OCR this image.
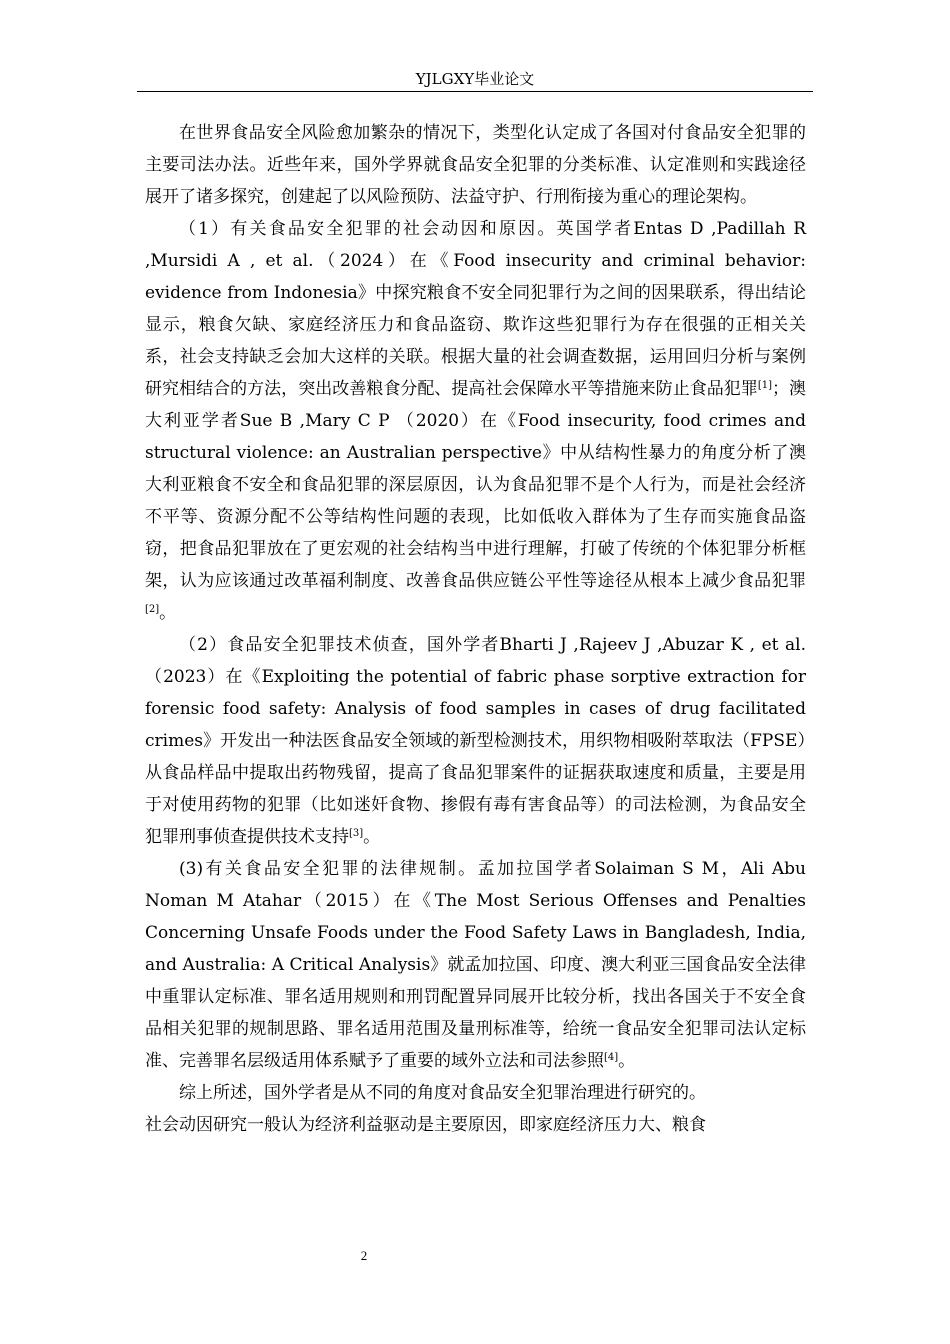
YJLGXY毕业论文

在世界食品安全风险愈加繁杂的情况下，类型化认定成了各国对付食品安全犯罪的主要司法办法。近些年来，国外学界就食品安全犯罪的分类标准、认定准则和实践途径展开了诸多探究，创建起了以风险预防、法益守护、行刑衔接为重心的理论架构。

（1）有关食品安全犯罪的社会动因和原因。英国学者Entas D ,Padillah R ,Mursidi A , et al.（2024）在《Food insecurity and criminal behavior: evidence from Indonesia》中探究粮食不安全同犯罪行为之间的因果联系，得出结论显示，粮食欠缺、家庭经济压力和食品盗窃、欺诈这些犯罪行为存在很强的正相关关系，社会支持缺乏会加大这样的关联。根据大量的社会调查数据，运用回归分析与案例研究相结合的方法，突出改善粮食分配、提高社会保障水平等措施来防止食品犯罪[1]；澳大利亚学者Sue B ,Mary C P （2020）在《Food insecurity, food crimes and structural violence: an Australian perspective》中从结构性暴力的角度分析了澳大利亚粮食不安全和食品犯罪的深层原因，认为食品犯罪不是个人行为，而是社会经济不平等、资源分配不公等结构性问题的表现，比如低收入群体为了生存而实施食品盗窃，把食品犯罪放在了更宏观的社会结构当中进行理解，打破了传统的个体犯罪分析框架，认为应该通过改革福利制度、改善食品供应链公平性等途径从根本上减少食品犯罪[2]。

（2）食品安全犯罪技术侦查，国外学者Bharti J ,Rajeev J ,Abuzar K , et al.（2023）在《Exploiting the potential of fabric phase sorptive extraction for forensic food safety: Analysis of food samples in cases of drug facilitated crimes》开发出一种法医食品安全领域的新型检测技术，用织物相吸附萃取法（FPSE）从食品样品中提取出药物残留，提高了食品犯罪案件的证据获取速度和质量，主要是用于对使用药物的犯罪（比如迷奸食物、掺假有毒有害食品等）的司法检测，为食品安全犯罪刑事侦查提供技术支持[3]。

(3)有关食品安全犯罪的法律规制。孟加拉国学者Solaiman S M，Ali Abu Noman M Atahar（2015）在《The Most Serious Offenses and Penalties Concerning Unsafe Foods under the Food Safety Laws in Bangladesh, India, and Australia: A Critical Analysis》就孟加拉国、印度、澳大利亚三国食品安全法律中重罪认定标准、罪名适用规则和刑罚配置异同展开比较分析，找出各国关于不安全食品相关犯罪的规制思路、罪名适用范围及量刑标准等，给统一食品安全犯罪司法认定标准、完善罪名层级适用体系赋予了重要的域外立法和司法参照[4]。

综上所述，国外学者是从不同的角度对食品安全犯罪治理进行研究的。

社会动因研究一般认为经济利益驱动是主要原因，即家庭经济压力大、粮食

2
